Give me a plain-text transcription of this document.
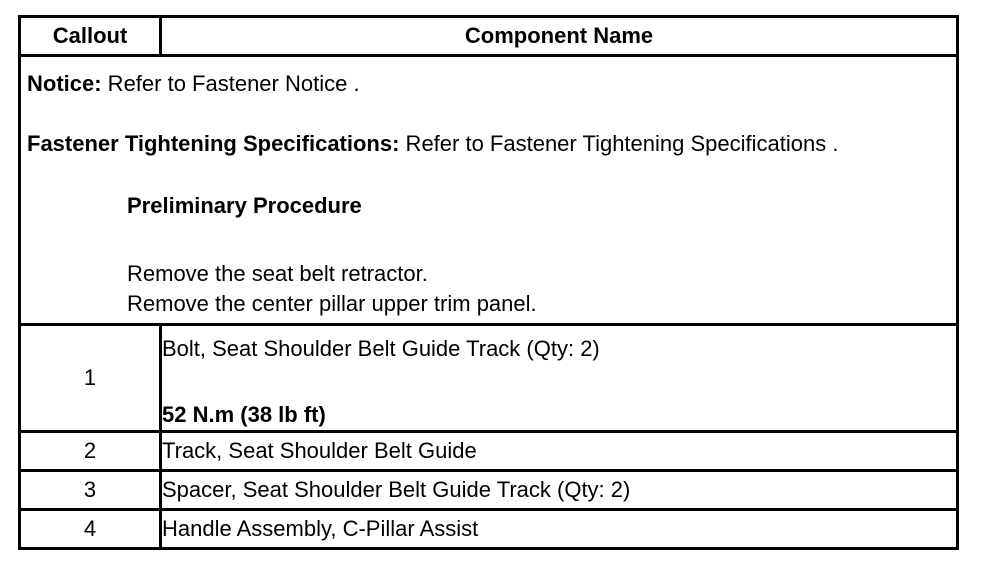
Callout	Component Name

Notice: Refer to Fastener Notice .
Fastener Tightening Specifications: Refer to Fastener Tightening Specifications .
Preliminary Procedure
Remove the seat belt retractor.
Remove the center pillar upper trim panel.	

1	Bolt, Seat Shoulder Belt Guide Track (Qty: 2)
52 N.m (38 lb ft)

2	Track, Seat Shoulder Belt Guide
3	Spacer, Seat Shoulder Belt Guide Track (Qty: 2)
4	Handle Assembly, C-Pillar Assist
